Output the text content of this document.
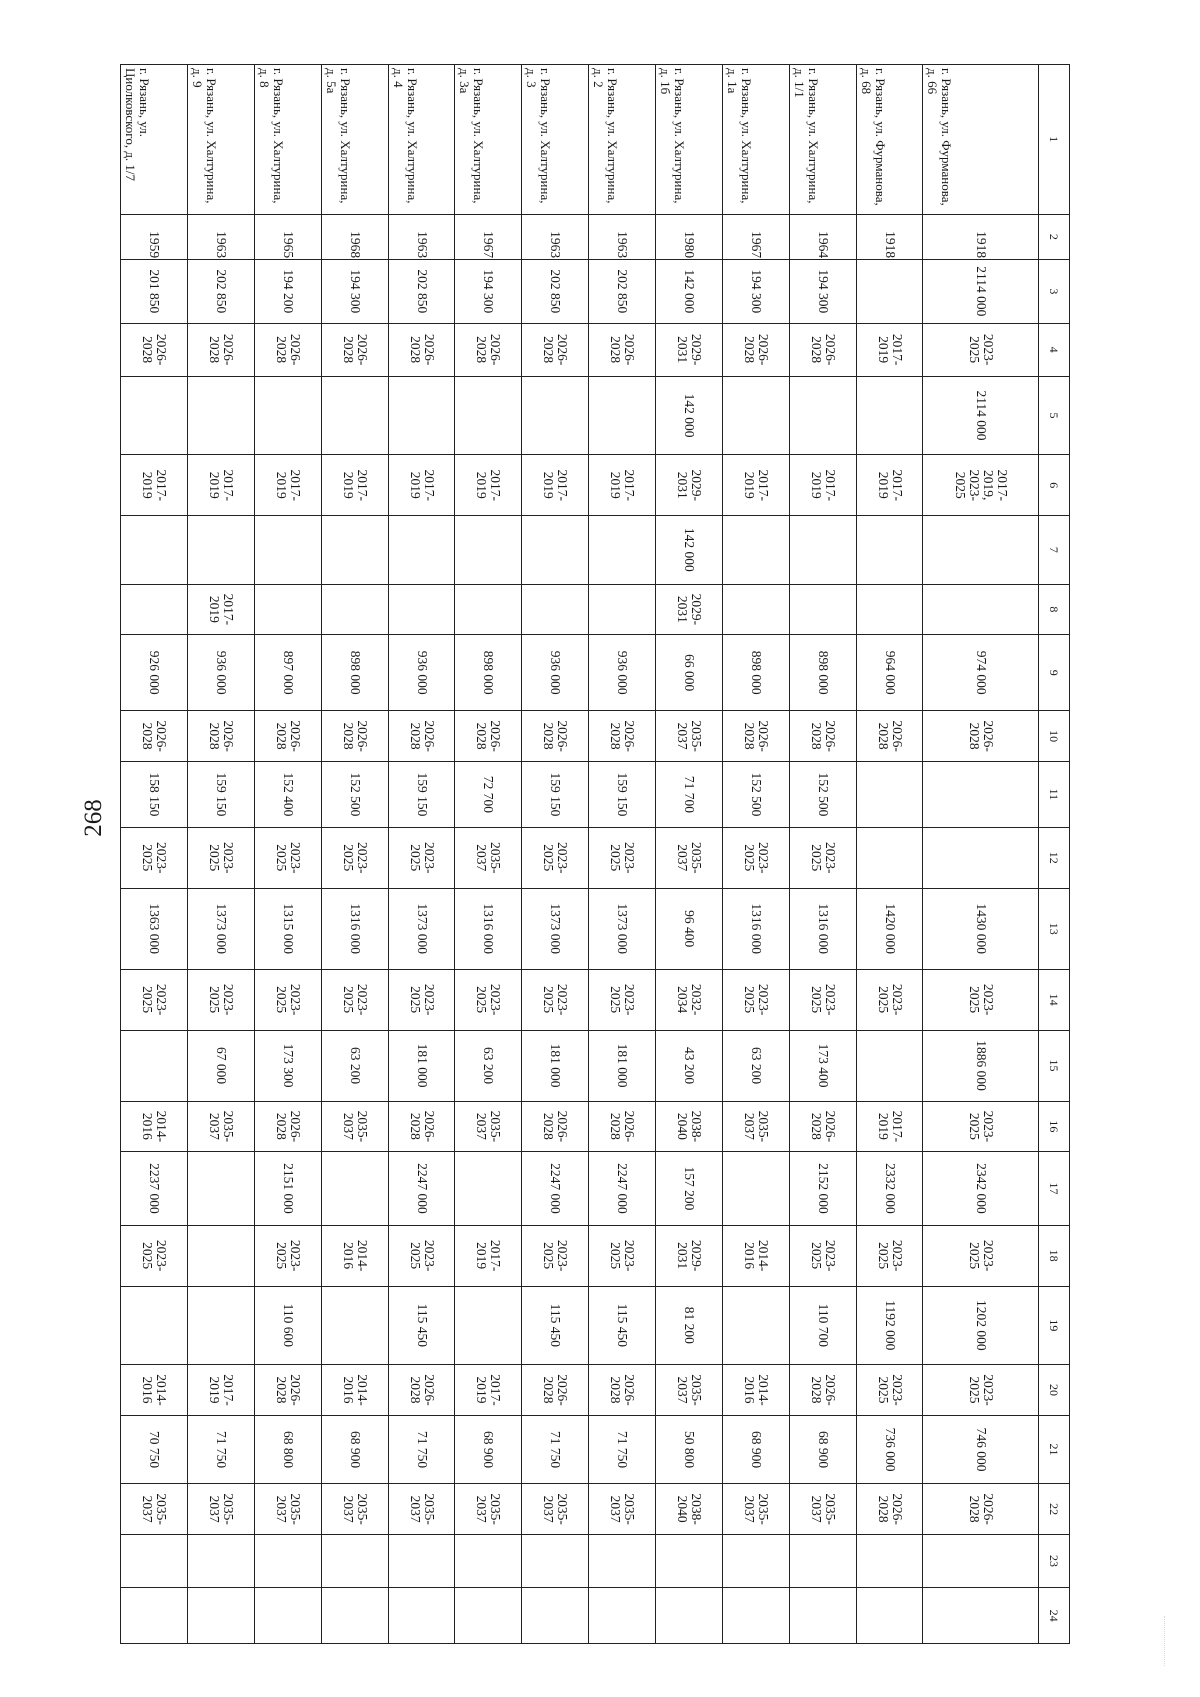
268
1	2	3	4	5	6	7	8	9	10	11	12	13	14	15	16	17	18	19	20	21	22	23	24
г. Рязань, ул. Фурманова, д. 66	1918	2114 000	2023-2025	2114 000	2017-2019, 2023-2025			974 000	2026-2028			1430 000	2023-2025	1886 000	2023-2025	2342 000	2023-2025	1202 000	2023-2025	746 000	2026-2028		
г. Рязань, ул. Фурманова, д. 68	1918		2017-2019		2017-2019			964 000	2026-2028			1420 000	2023-2025		2017-2019	2332 000	2023-2025	1192 000	2023-2025	736 000	2026-2028		
г. Рязань, ул. Халтурина, д. 1/1	1964	194 300	2026-2028		2017-2019			898 000	2026-2028	152 500	2023-2025	1316 000	2023-2025	173 400	2026-2028	2152 000	2023-2025	110 700	2026-2028	68 900	2035-2037		
г. Рязань, ул. Халтурина, д. 1а	1967	194 300	2026-2028		2017-2019			898 000	2026-2028	152 500	2023-2025	1316 000	2023-2025	63 200	2035-2037		2014-2016		2014-2016	68 900	2035-2037		
г. Рязань, ул. Халтурина, д. 1б	1980	142 000	2029-2031	142 000	2029-2031	142 000	2029-2031	66 000	2035-2037	71 700	2035-2037	96 400	2032-2034	43 200	2038-2040	157 200	2029-2031	81 200	2035-2037	50 800	2038-2040		
г. Рязань, ул. Халтурина, д. 2	1963	202 850	2026-2028		2017-2019			936 000	2026-2028	159 150	2023-2025	1373 000	2023-2025	181 000	2026-2028	2247 000	2023-2025	115 450	2026-2028	71 750	2035-2037		
г. Рязань, ул. Халтурина, д. 3	1963	202 850	2026-2028		2017-2019			936 000	2026-2028	159 150	2023-2025	1373 000	2023-2025	181 000	2026-2028	2247 000	2023-2025	115 450	2026-2028	71 750	2035-2037		
г. Рязань, ул. Халтурина, д. 3а	1967	194 300	2026-2028		2017-2019			898 000	2026-2028	72 700	2035-2037	1316 000	2023-2025	63 200	2035-2037		2017-2019		2017-2019	68 900	2035-2037		
г. Рязань, ул. Халтурина, д. 4	1963	202 850	2026-2028		2017-2019			936 000	2026-2028	159 150	2023-2025	1373 000	2023-2025	181 000	2026-2028	2247 000	2023-2025	115 450	2026-2028	71 750	2035-2037		
г. Рязань, ул. Халтурина, д. 5а	1968	194 300	2026-2028		2017-2019			898 000	2026-2028	152 500	2023-2025	1316 000	2023-2025	63 200	2035-2037		2014-2016		2014-2016	68 900	2035-2037		
г. Рязань, ул. Халтурина, д. 8	1965	194 200	2026-2028		2017-2019			897 000	2026-2028	152 400	2023-2025	1315 000	2023-2025	173 300	2026-2028	2151 000	2023-2025	110 600	2026-2028	68 800	2035-2037		
г. Рязань, ул. Халтурина, д. 9	1963	202 850	2026-2028		2017-2019		2017-2019	936 000	2026-2028	159 150	2023-2025	1373 000	2023-2025	67 000	2035-2037				2017-2019	71 750	2035-2037		
г. Рязань, ул. Циолковского, д. 1/7	1959	201 850	2026-2028		2017-2019			926 000	2026-2028	158 150	2023-2025	1363 000	2023-2025		2014-2016	2237 000	2023-2025		2014-2016	70 750	2035-2037		
